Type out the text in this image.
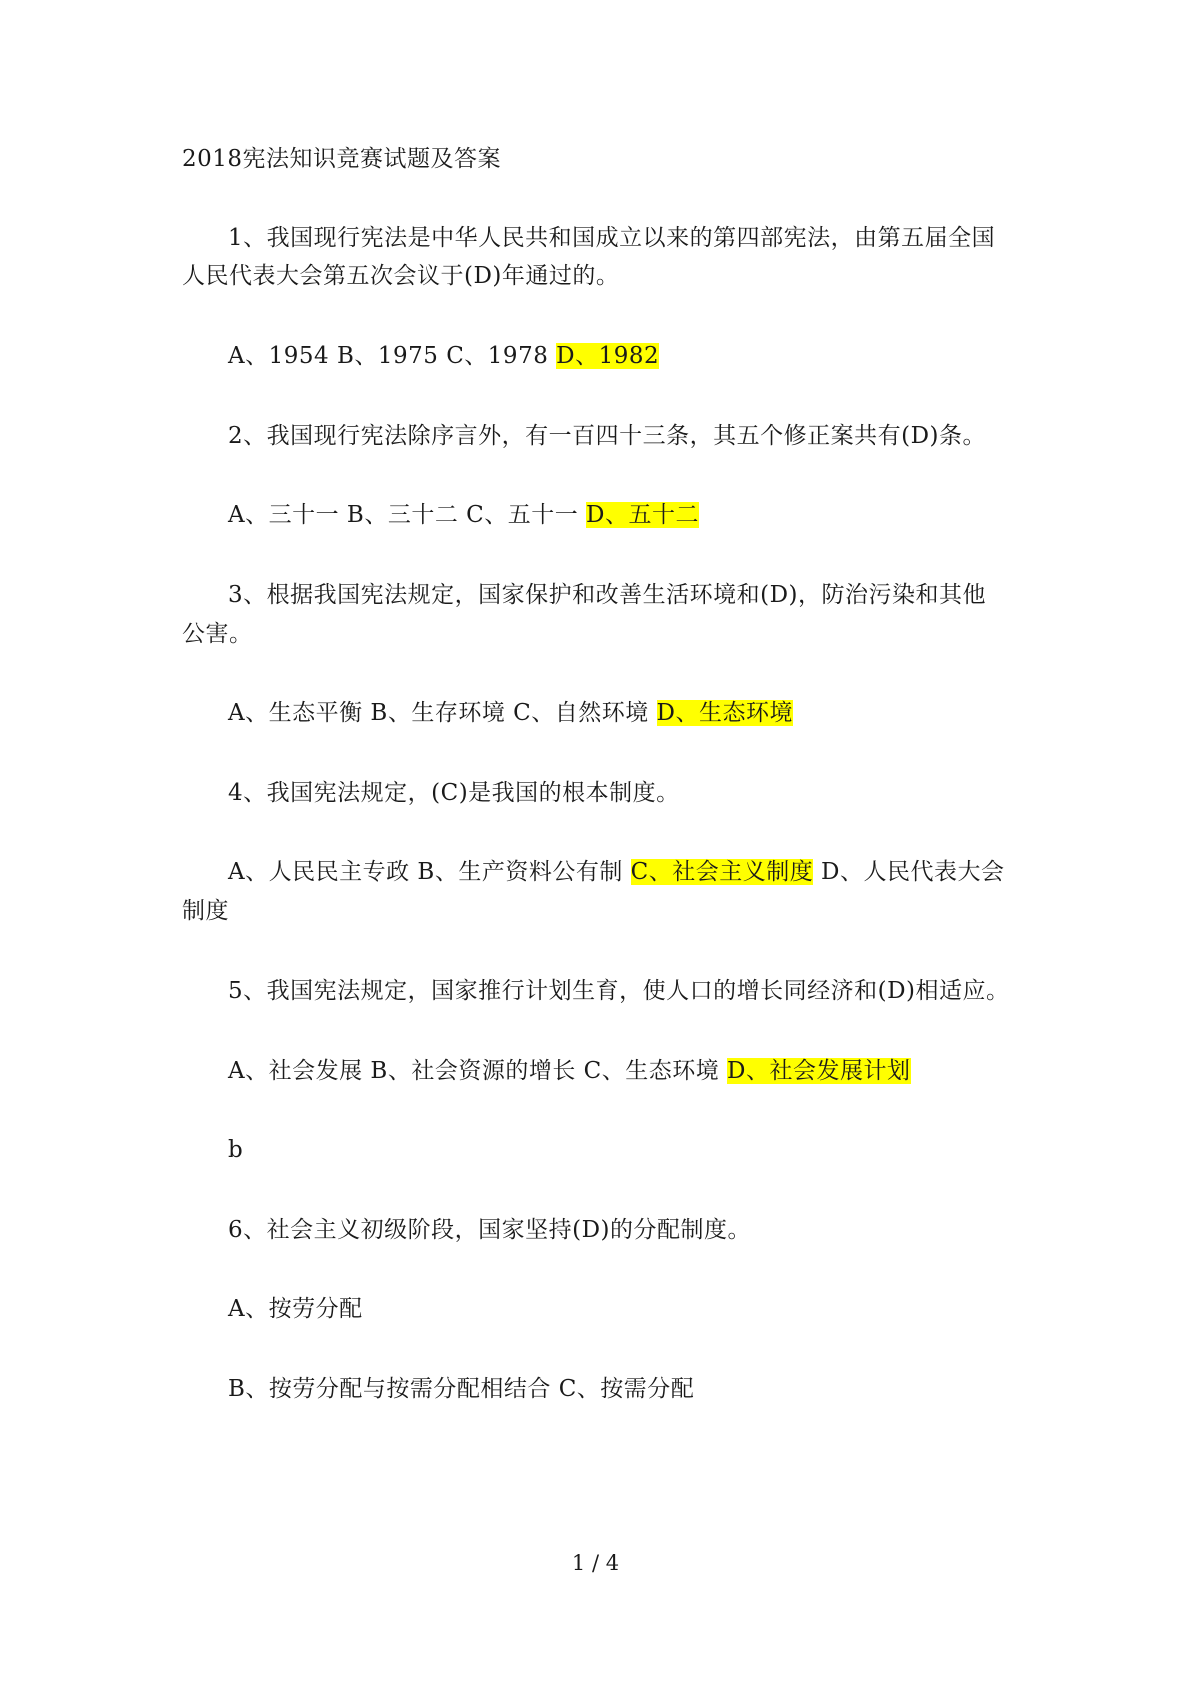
2018宪法知识竞赛试题及答案
1、我国现行宪法是中华人民共和国成立以来的第四部宪法，由第五届全国
人民代表大会第五次会议于(D)年通过的。
A、1954 B、1975 C、1978 D、1982
2、我国现行宪法除序言外，有一百四十三条，其五个修正案共有(D)条。
A、三十一 B、三十二 C、五十一 D、五十二
3、根据我国宪法规定，国家保护和改善生活环境和(D)，防治污染和其他
公害。
A、生态平衡 B、生存环境 C、自然环境 D、生态环境
4、我国宪法规定，(C)是我国的根本制度。
A、人民民主专政 B、生产资料公有制 C、社会主义制度 D、人民代表大会
制度
5、我国宪法规定，国家推行计划生育，使人口的增长同经济和(D)相适应。
A、社会发展 B、社会资源的增长 C、生态环境 D、社会发展计划
b
6、社会主义初级阶段，国家坚持(D)的分配制度。
A、按劳分配
B、按劳分配与按需分配相结合 C、按需分配
1 / 4
